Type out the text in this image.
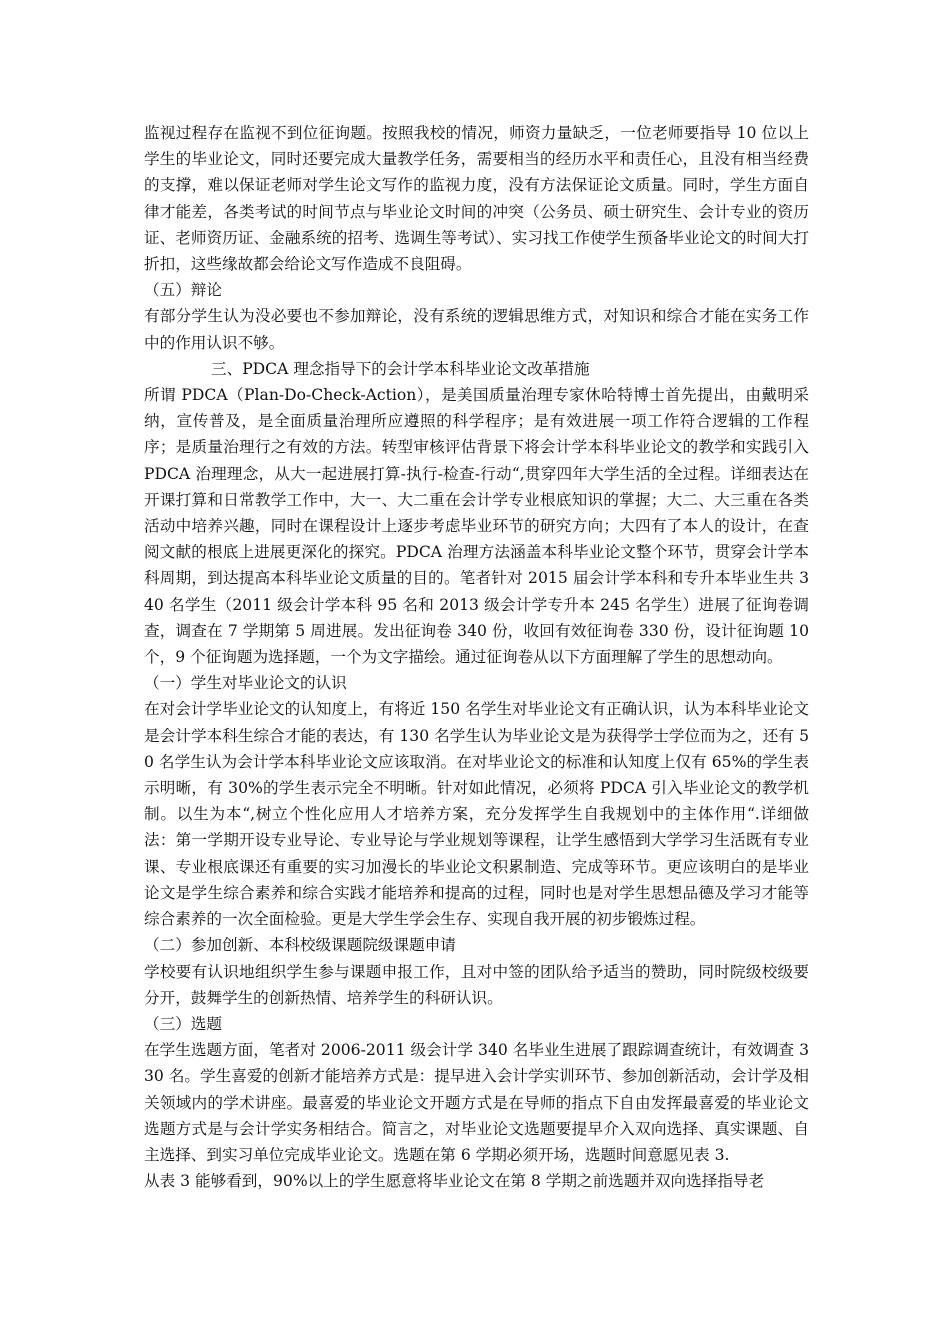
监视过程存在监视不到位征询题。按照我校的情况，师资力量缺乏，一位老师要指导 10 位以上学生的毕业论文，同时还要完成大量教学任务，需要相当的经历水平和责任心，且没有相当经费的支撑，难以保证老师对学生论文写作的监视力度，没有方法保证论文质量。同时，学生方面自律才能差，各类考试的时间节点与毕业论文时间的冲突（公务员、硕士研究生、会计专业的资历证、老师资历证、金融系统的招考、选调生等考试）、实习找工作使学生预备毕业论文的时间大打折扣，这些缘故都会给论文写作造成不良阻碍。

（五）辩论

有部分学生认为没必要也不参加辩论，没有系统的逻辑思维方式，对知识和综合才能在实务工作中的作用认识不够。

三、PDCA 理念指导下的会计学本科毕业论文改革措施

所谓 PDCA（Plan-Do-Check-Action），是美国质量治理专家休哈特博士首先提出，由戴明采纳，宣传普及，是全面质量治理所应遵照的科学程序；是有效进展一项工作符合逻辑的工作程序；是质量治理行之有效的方法。转型审核评估背景下将会计学本科毕业论文的教学和实践引入 PDCA 治理理念，从大一起进展打算-执行-检查-行动“,贯穿四年大学生活的全过程。详细表达在开课打算和日常教学工作中，大一、大二重在会计学专业根底知识的掌握；大二、大三重在各类活动中培养兴趣，同时在课程设计上逐步考虑毕业环节的研究方向；大四有了本人的设计，在查阅文献的根底上进展更深化的探究。PDCA 治理方法涵盖本科毕业论文整个环节，贯穿会计学本科周期，到达提高本科毕业论文质量的目的。笔者针对 2015 届会计学本科和专升本毕业生共 340 名学生（2011 级会计学本科 95 名和 2013 级会计学专升本 245 名学生）进展了征询卷调查，调查在 7 学期第 5 周进展。发出征询卷 340 份，收回有效征询卷 330 份，设计征询题 10 个，9 个征询题为选择题，一个为文字描绘。通过征询卷从以下方面理解了学生的思想动向。

（一）学生对毕业论文的认识

在对会计学毕业论文的认知度上，有将近 150 名学生对毕业论文有正确认识，认为本科毕业论文是会计学本科生综合才能的表达，有 130 名学生认为毕业论文是为获得学士学位而为之，还有 50 名学生认为会计学本科毕业论文应该取消。在对毕业论文的标准和认知度上仅有 65%的学生表示明晰，有 30%的学生表示完全不明晰。针对如此情况，必须将 PDCA 引入毕业论文的教学机制。以生为本“,树立个性化应用人才培养方案，充分发挥学生自我规划中的主体作用“.详细做法：第一学期开设专业导论、专业导论与学业规划等课程，让学生感悟到大学学习生活既有专业课、专业根底课还有重要的实习加漫长的毕业论文积累制造、完成等环节。更应该明白的是毕业论文是学生综合素养和综合实践才能培养和提高的过程，同时也是对学生思想品德及学习才能等综合素养的一次全面检验。更是大学生学会生存、实现自我开展的初步锻炼过程。

（二）参加创新、本科校级课题院级课题申请

学校要有认识地组织学生参与课题申报工作，且对中签的团队给予适当的赞助，同时院级校级要分开，鼓舞学生的创新热情、培养学生的科研认识。

（三）选题

在学生选题方面，笔者对 2006-2011 级会计学 340 名毕业生进展了跟踪调查统计，有效调查 330 名。学生喜爱的创新才能培养方式是：提早进入会计学实训环节、参加创新活动，会计学及相关领域内的学术讲座。最喜爱的毕业论文开题方式是在导师的指点下自由发挥最喜爱的毕业论文选题方式是与会计学实务相结合。简言之，对毕业论文选题要提早介入双向选择、真实课题、自主选择、到实习单位完成毕业论文。选题在第 6 学期必须开场，选题时间意愿见表 3.

从表 3 能够看到，90%以上的学生愿意将毕业论文在第 8 学期之前选题并双向选择指导老
